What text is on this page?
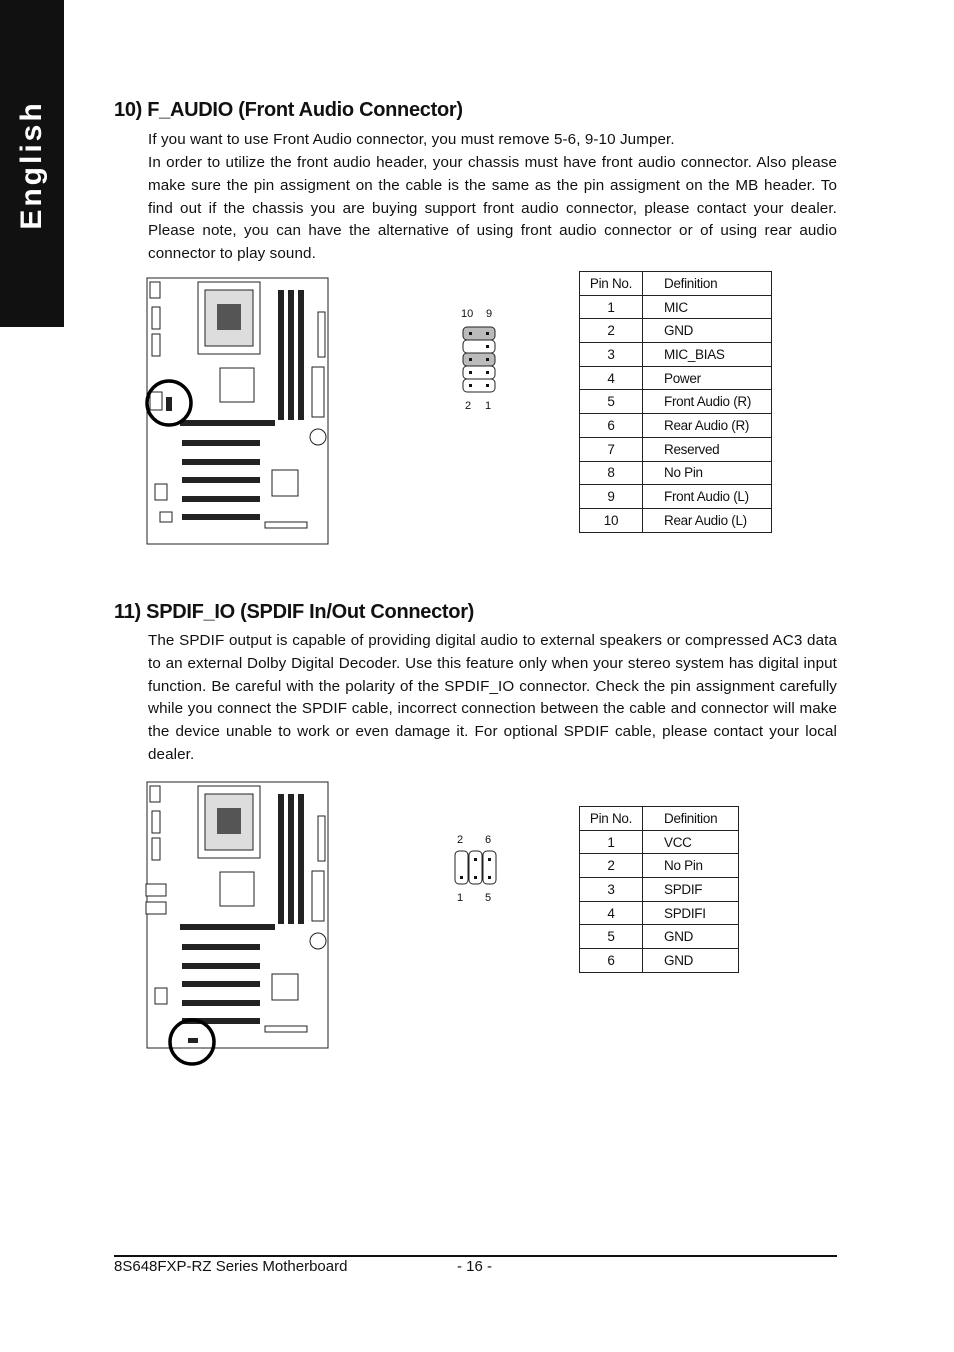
English	10) F_AUDIO (Front Audio Connector)

If you want to use Front Audio connector, you must remove 5-6, 9-10 Jumper.

In order to utilize the front audio header, your chassis must have front audio connector. Also please make sure the pin assigment on the cable is the same as the pin assigment on the MB header. To find out if the chassis you are buying support front audio connector, please contact your dealer. Please note, you can have the alternative of using front audio connector or of using rear audio connector to play sound.

10 9
2 1
Pin No.	Definition
1	MIC
2	GND
3	MIC_BIAS
4	Power
5	Front Audio (R)
6	Rear Audio (R)
7	Reserved
8	No Pin
9	Front Audio (L)
10	Rear Audio (L)
11) SPDIF_IO (SPDIF In/Out Connector)

The SPDIF output is capable of providing digital audio to external speakers or compressed AC3 data to an external Dolby Digital Decoder. Use this feature only when your stereo system has digital input function. Be careful with the polarity of the SPDIF_IO connector. Check the pin assignment carefully while you connect the SPDIF cable, incorrect connection between the cable and connector will make the device unable to work or even damage it. For optional SPDIF cable, please contact your local dealer.

2 6
1 5
Pin No.	Definition
1	VCC
2	No Pin
3	SPDIF
4	SPDIFI
5	GND
6	GND
8S648FXP-RZ Series Motherboard	- 16 -
